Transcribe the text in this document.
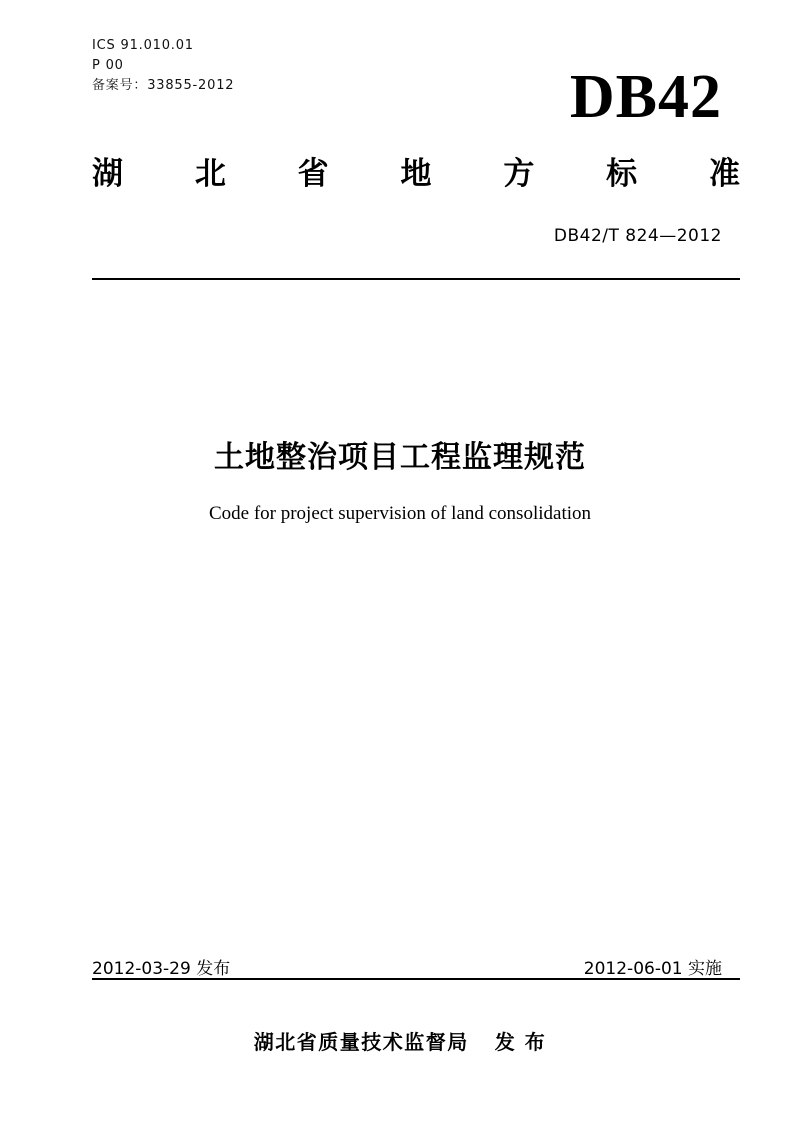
ICS 91.010.01
P 00
备案号：33855-2012	DB42
湖 北 省 地 方 标 准
DB42/T 824—2012
土地整治项目工程监理规范
Code for project supervision of land consolidation
2012-03-29 发布	2012-06-01 实施
湖北省质量技术监督局 发 布
